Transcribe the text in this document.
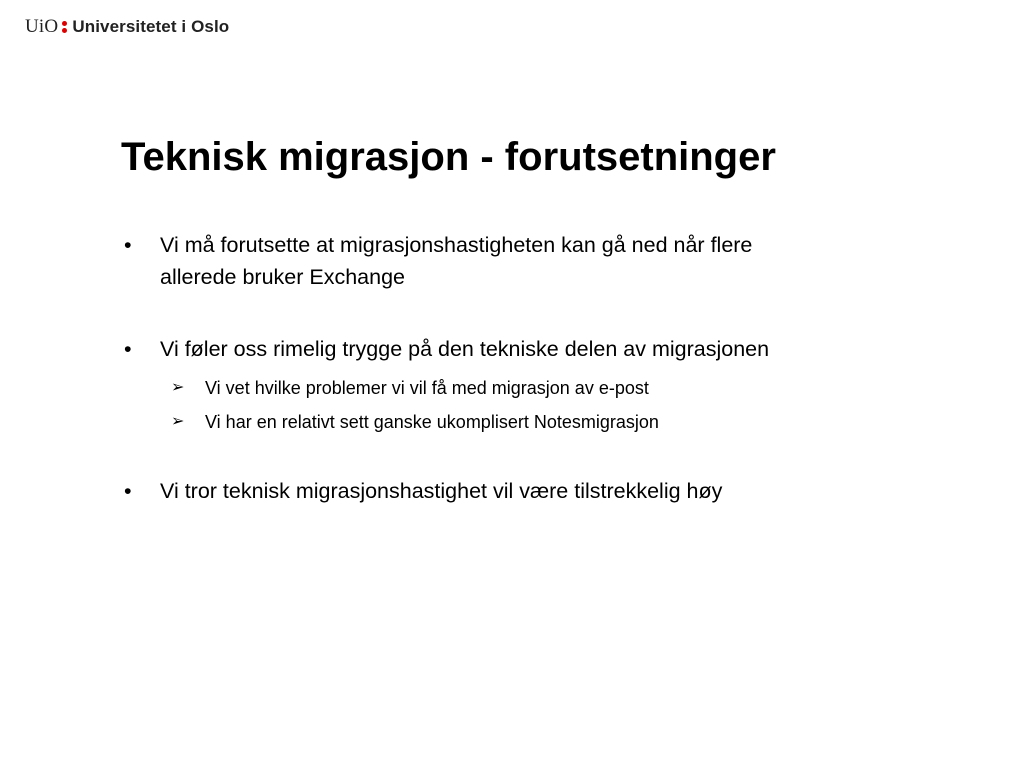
UiO Universitetet i Oslo
Teknisk migrasjon - forutsetninger
• Vi må forutsette at migrasjonshastigheten kan gå ned når flere
allerede bruker Exchange
• Vi føler oss rimelig trygge på den tekniske delen av migrasjonen
➢ Vi vet hvilke problemer vi vil få med migrasjon av e-post
➢ Vi har en relativt sett ganske ukomplisert Notesmigrasjon
• Vi tror teknisk migrasjonshastighet vil være tilstrekkelig høy
